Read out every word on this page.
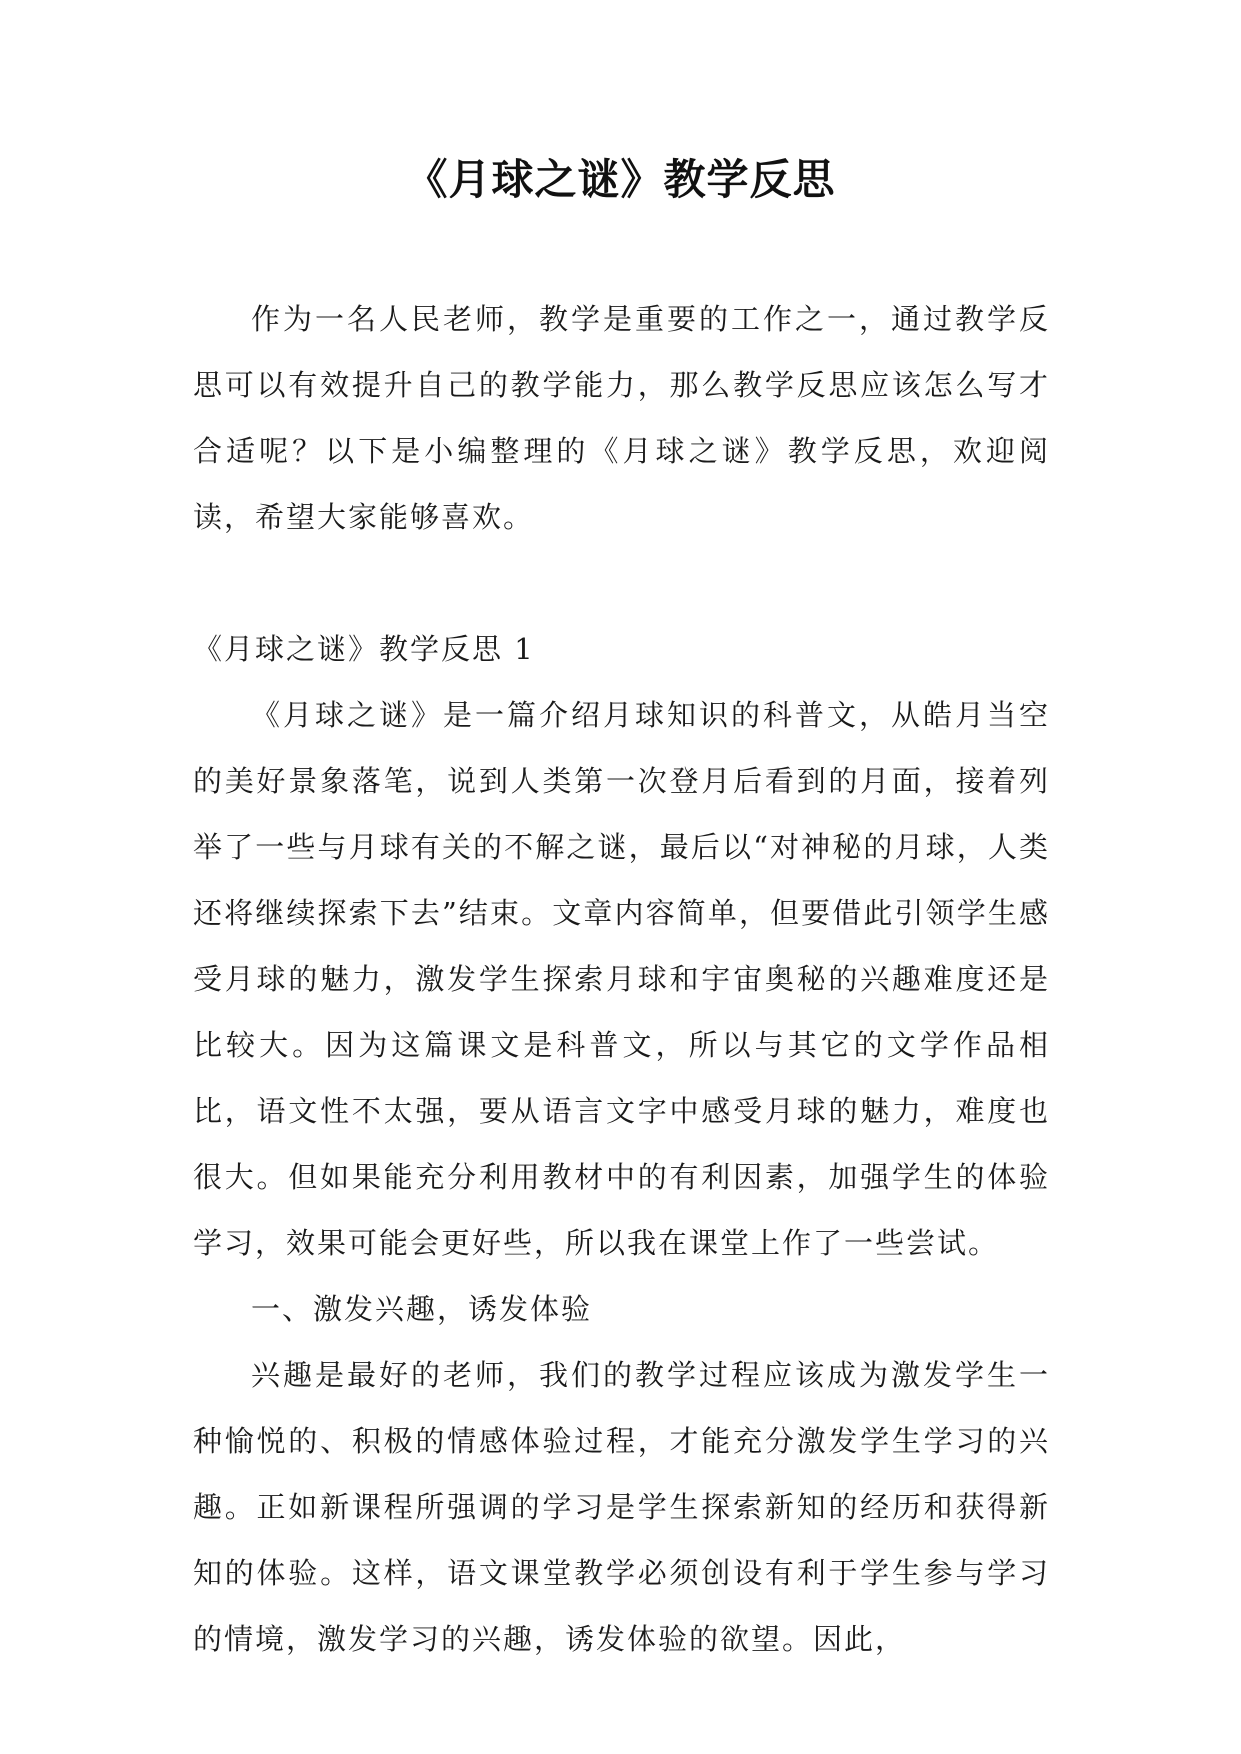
《月球之谜》教学反思

作为一名人民老师，教学是重要的工作之一，通过教学反思可以有效提升自己的教学能力，那么教学反思应该怎么写才合适呢？以下是小编整理的《月球之谜》教学反思，欢迎阅读，希望大家能够喜欢。

《月球之谜》教学反思 1

《月球之谜》是一篇介绍月球知识的科普文，从皓月当空的美好景象落笔，说到人类第一次登月后看到的月面，接着列举了一些与月球有关的不解之谜，最后以“对神秘的月球，人类还将继续探索下去”结束。文章内容简单，但要借此引领学生感受月球的魅力，激发学生探索月球和宇宙奥秘的兴趣难度还是比较大。因为这篇课文是科普文，所以与其它的文学作品相比，语文性不太强，要从语言文字中感受月球的魅力，难度也很大。但如果能充分利用教材中的有利因素，加强学生的体验学习，效果可能会更好些，所以我在课堂上作了一些尝试。

一、激发兴趣，诱发体验

兴趣是最好的老师，我们的教学过程应该成为激发学生一种愉悦的、积极的情感体验过程，才能充分激发学生学习的兴趣。正如新课程所强调的学习是学生探索新知的经历和获得新知的体验。这样，语文课堂教学必须创设有利于学生参与学习的情境，激发学习的兴趣，诱发体验的欲望。因此，
